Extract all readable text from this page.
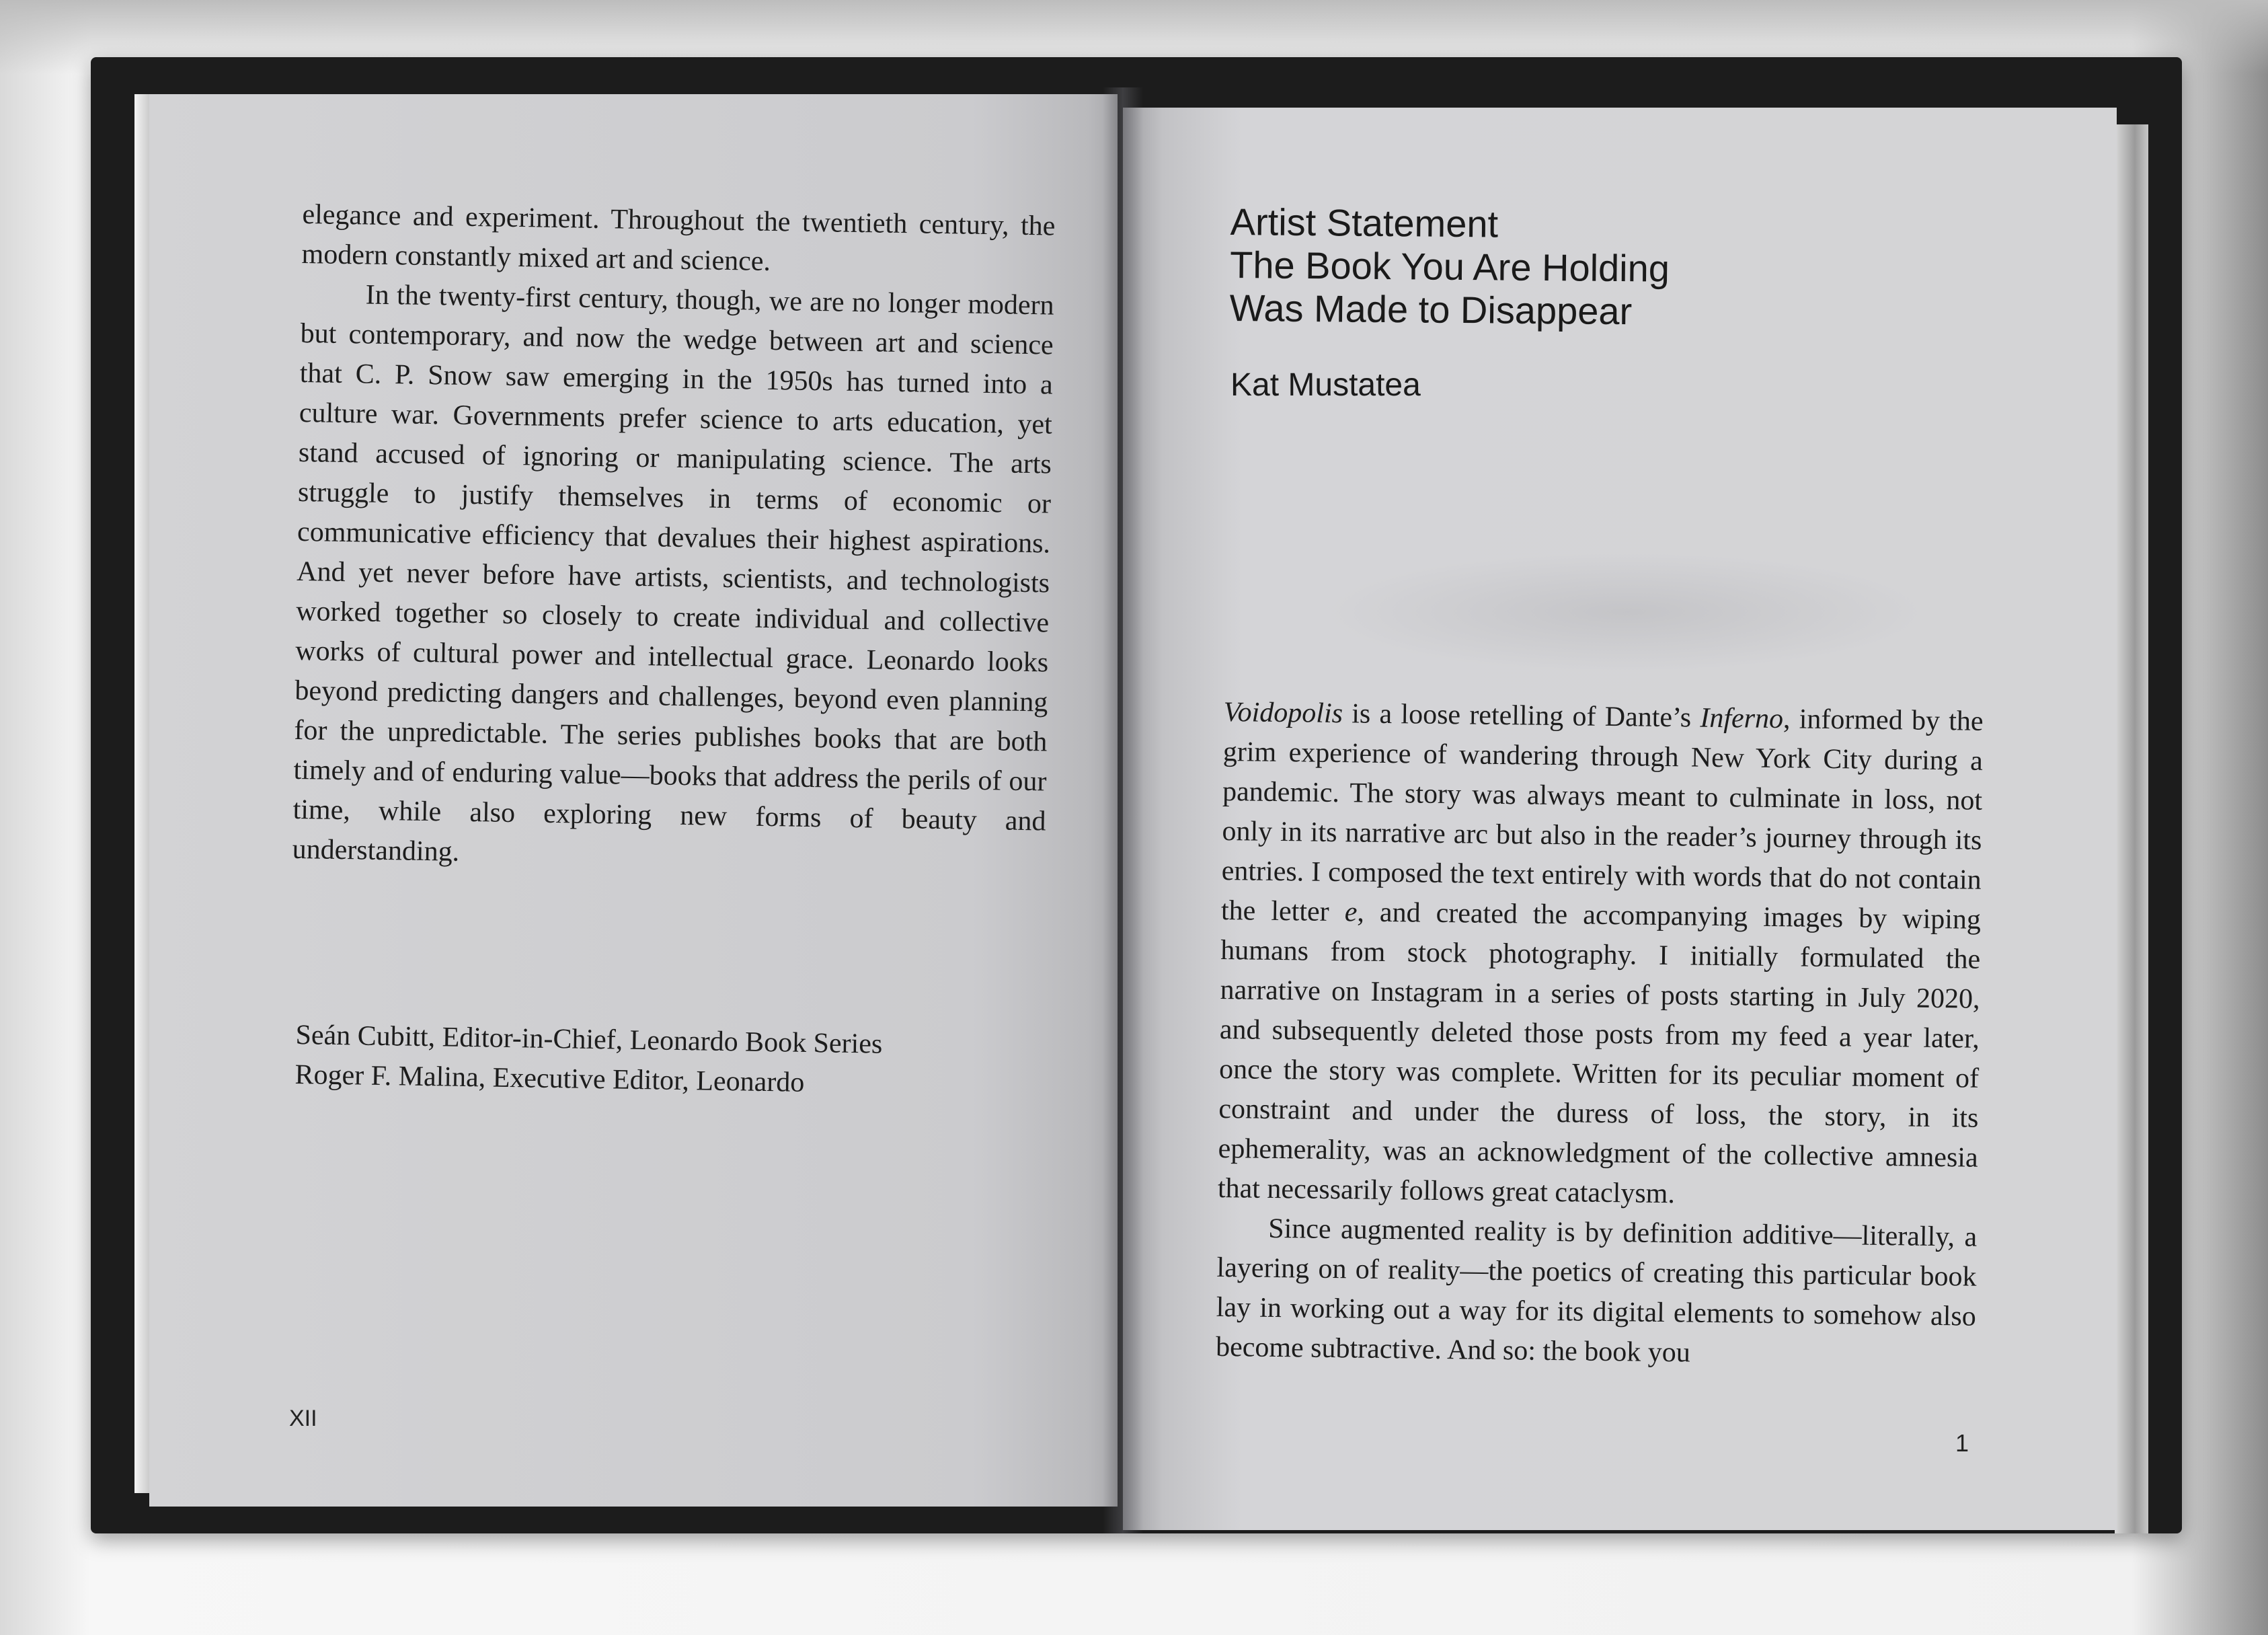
elegance and experiment. Throughout the twentieth century, the modern constantly mixed art and science.

In the twenty-first century, though, we are no longer modern but contemporary, and now the wedge between art and science that C. P. Snow saw emerging in the 1950s has turned into a culture war. Governments prefer science to arts education, yet stand accused of ignoring or manipulating science. The arts struggle to justify themselves in terms of economic or communicative efficiency that devalues their highest aspirations. And yet never before have artists, scientists, and technologists worked together so closely to create individual and collective works of cultural power and intellectual grace. Leonardo looks beyond predicting dangers and challenges, beyond even planning for the unpredictable. The series publishes books that are both timely and of enduring value—books that address the perils of our time, while also exploring new forms of beauty and understanding.

Seán Cubitt, Editor-in-Chief, Leonardo Book Series
Roger F. Malina, Executive Editor, Leonardo
XII
Artist Statement
The Book You Are Holding
Was Made to Disappear
Kat Mustatea

Voidopolis is a loose retelling of Dante’s Inferno, informed by the grim experience of wandering through New York City during a pandemic. The story was always meant to culminate in loss, not only in its narrative arc but also in the reader’s journey through its entries. I composed the text entirely with words that do not contain the letter e, and created the accompanying images by wiping humans from stock photography. I initially formulated the narrative on Instagram in a series of posts starting in July 2020, and subsequently deleted those posts from my feed a year later, once the story was complete. Written for its peculiar moment of constraint and under the duress of loss, the story, in its ephemerality, was an acknowledgment of the collective amnesia that necessarily follows great cataclysm.

Since augmented reality is by definition additive—literally, a layering on of reality—the poetics of creating this particular book lay in working out a way for its digital elements to somehow also become subtractive. And so: the book you

1
